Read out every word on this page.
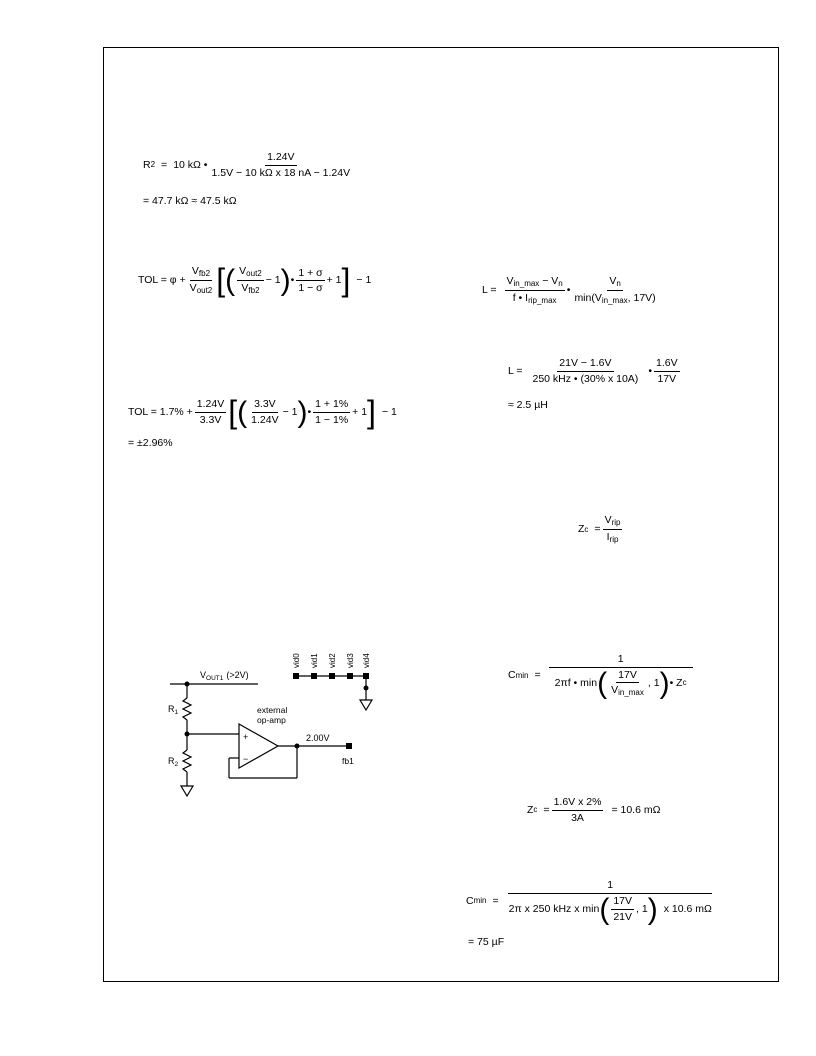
R 2 = 10 kΩ • $\frac{1.24V}{\text{1.5V − 10 kΩ x 18 nA − 1.24V}}$
= 47.7 kΩ ≈ 47.5 kΩ
TOL = $\varphi + \frac{V_{fb2}}{V_{out2}}$ [ ( $\frac{V_{out2}}{V_{fb2}} - 1$ ) • $\frac{1 + \sigma}{1 - \sigma} + 1$ ] − 1
TOL = $1.7\% + \frac{1.24V}{3.3V}$ [ ( $\frac{3.3V}{1.24V} - 1$ ) • $\frac{1 + 1\%}{1 - 1\%} + 1$ ] − 1
= ±2.96%
$L = \frac{V_{in\_max} - V_n}{f • I_{rip\_max}}$ • $\frac{V_n}{\min(V_{in\_max}, 17V)}$
$L = \frac{21V - 1.6V}{\text{250 kHz • (30\% x 10A)}}$ • $\frac{1.6V}{17V}$
≈ 2.5 µH
Z $c = \frac{V_{rip}}{I_{rip}}$
C min =
1
2πf • min ( $\frac{17V}{V_{in\_max}}$ , 1 ) • Z c
Z $c = \frac{\text{1.6V x 2\%}}{3A} = 10.6$ mΩ
C min =
1
2π x 250 kHz x min ( $\frac{17V}{21V}$ , 1 ) x 10.6 mΩ
= 75 µF
vid0 vid1 vid2 vid3 vid4
$V_{OUT1}$ (>2V)
$R_1$
$R_2$
external
op-amp
+
−
2.00V
fb1
